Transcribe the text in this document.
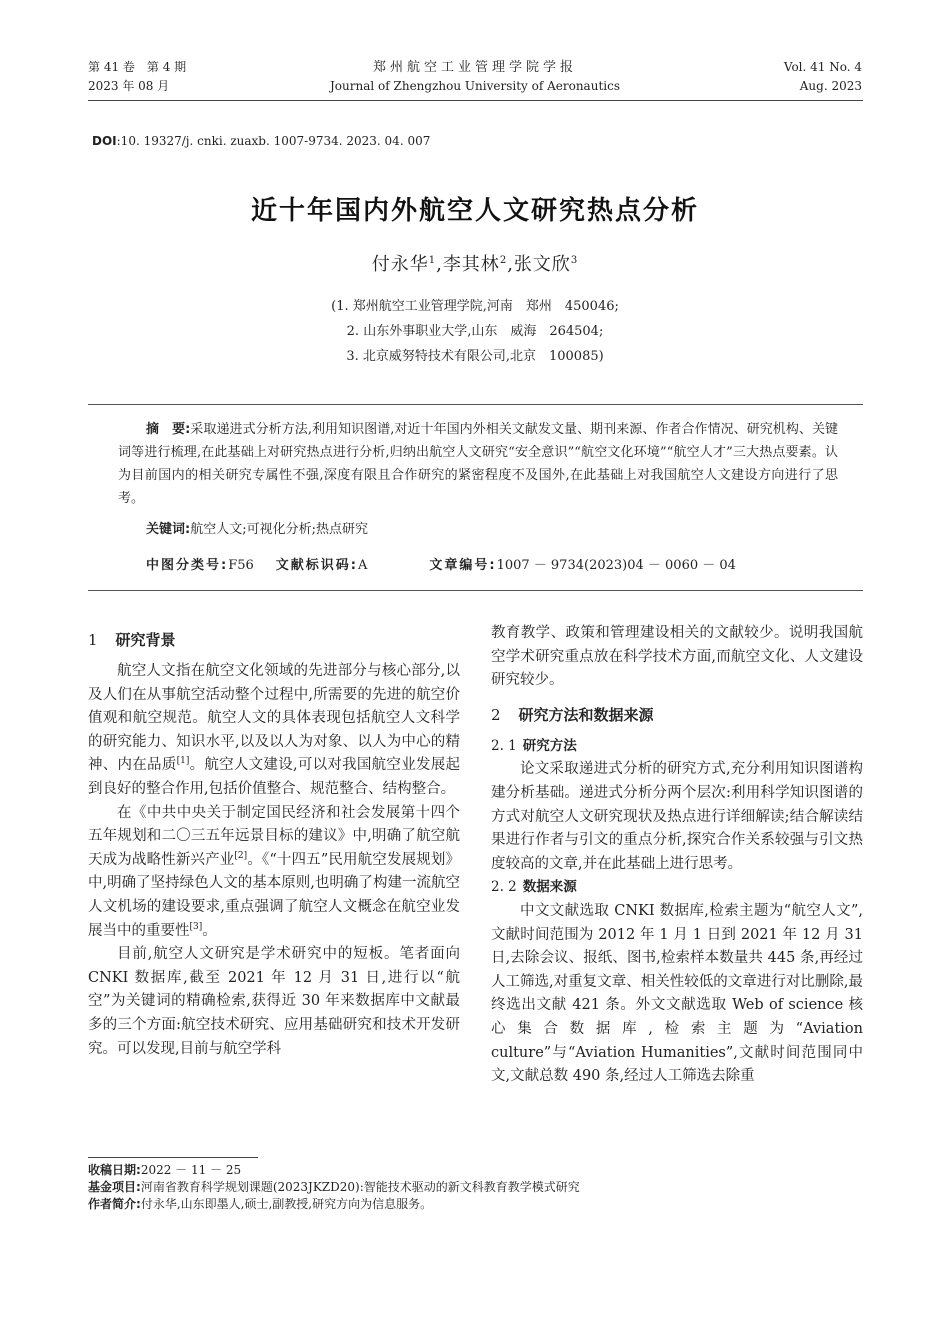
第 41 卷　第 4 期
2023 年 08 月
郑州航空工业管理学院学报
Journal of Zhengzhou University of Aeronautics
Vol. 41 No. 4
Aug. 2023
DOI:10. 19327/j. cnki. zuaxb. 1007-9734. 2023. 04. 007
近十年国内外航空人文研究热点分析
付永华$^1$,李其林$^2$,张文欣$^3$
(1. 郑州航空工业管理学院,河南　郑州　450046;
2. 山东外事职业大学,山东　威海　264504;
3. 北京威努特技术有限公司,北京　100085)

摘　要:采取递进式分析方法,利用知识图谱,对近十年国内外相关文献发文量、期刊来源、作者合作情况、研究机构、关键词等进行梳理,在此基础上对研究热点进行分析,归纳出航空人文研究“安全意识”“航空文化环境”“航空人才”三大热点要素。认为目前国内的相关研究专属性不强,深度有限且合作研究的紧密程度不及国外,在此基础上对我国航空人文建设方向进行了思考。

关键词:航空人文;可视化分析;热点研究
中图分类号:F56 文献标识码:A	文章编号:1007 － 9734(2023)04 － 0060 － 04
1 研究背景

航空人文指在航空文化领域的先进部分与核心部分,以及人们在从事航空活动整个过程中,所需要的先进的航空价值观和航空规范。航空人文的具体表现包括航空人文科学的研究能力、知识水平,以及以人为对象、以人为中心的精神、内在品质[1]。航空人文建设,可以对我国航空业发展起到良好的整合作用,包括价值整合、规范整合、结构整合。

在《中共中央关于制定国民经济和社会发展第十四个五年规划和二〇三五年远景目标的建议》中,明确了航空航天成为战略性新兴产业[2]。《“十四五”民用航空发展规划》中,明确了坚持绿色人文的基本原则,也明确了构建一流航空人文机场的建设要求,重点强调了航空人文概念在航空业发展当中的重要性[3]。

目前,航空人文研究是学术研究中的短板。笔者面向 CNKI 数据库,截至 2021 年 12 月 31 日,进行以“航空”为关键词的精确检索,获得近 30 年来数据库中文献最多的三个方面:航空技术研究、应用基础研究和技术开发研究。可以发现,目前与航空学科

教育教学、政策和管理建设相关的文献较少。说明我国航空学术研究重点放在科学技术方面,而航空文化、人文建设研究较少。

2 研究方法和数据来源
2. 1 研究方法

论文采取递进式分析的研究方式,充分利用知识图谱构建分析基础。递进式分析分两个层次:利用科学知识图谱的方式对航空人文研究现状及热点进行详细解读;结合解读结果进行作者与引文的重点分析,探究合作关系较强与引文热度较高的文章,并在此基础上进行思考。

2. 2 数据来源

中文文献选取 CNKI 数据库,检索主题为“航空人文”,文献时间范围为 2012 年 1 月 1 日到 2021 年 12 月 31 日,去除会议、报纸、图书,检索样本数量共 445 条,再经过人工筛选,对重复文章、相关性较低的文章进行对比删除,最终选出文献 421 条。外文文献选取 Web of science 核心集合数据库,检索主题为“Aviation culture”与“Aviation Humanities”,文献时间范围同中文,文献总数 490 条,经过人工筛选去除重

收稿日期:2022 － 11 － 25
基金项目:河南省教育科学规划课题(2023JKZD20):智能技术驱动的新文科教育教学模式研究
作者简介:付永华,山东即墨人,硕士,副教授,研究方向为信息服务。
